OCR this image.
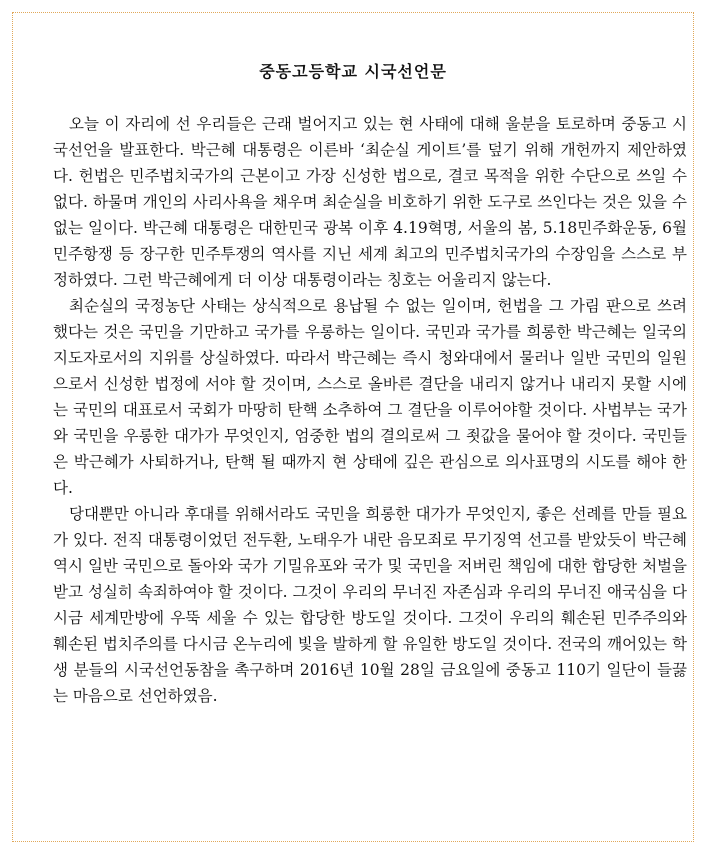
중동고등학교 시국선언문

오늘 이 자리에 선 우리들은 근래 벌어지고 있는 현 사태에 대해 울분을 토로하며 중동고 시국선언을 발표한다. 박근혜 대통령은 이른바 ‘최순실 게이트’를 덮기 위해 개헌까지 제안하였다. 헌법은 민주법치국가의 근본이고 가장 신성한 법으로, 결코 목적을 위한 수단으로 쓰일 수 없다. 하물며 개인의 사리사욕을 채우며 최순실을 비호하기 위한 도구로 쓰인다는 것은 있을 수 없는 일이다. 박근혜 대통령은 대한민국 광복 이후 4.19혁명, 서울의 봄, 5.18민주화운동, 6월 민주항쟁 등 장구한 민주투쟁의 역사를 지닌 세계 최고의 민주법치국가의 수장임을 스스로 부정하였다. 그런 박근혜에게 더 이상 대통령이라는 칭호는 어울리지 않는다.

최순실의 국정농단 사태는 상식적으로 용납될 수 없는 일이며, 헌법을 그 가림 판으로 쓰려 했다는 것은 국민을 기만하고 국가를 우롱하는 일이다. 국민과 국가를 희롱한 박근혜는 일국의 지도자로서의 지위를 상실하였다. 따라서 박근혜는 즉시 청와대에서 물러나 일반 국민의 일원으로서 신성한 법정에 서야 할 것이며, 스스로 올바른 결단을 내리지 않거나 내리지 못할 시에는 국민의 대표로서 국회가 마땅히 탄핵 소추하여 그 결단을 이루어야할 것이다. 사법부는 국가와 국민을 우롱한 대가가 무엇인지, 엄중한 법의 결의로써 그 죗값을 물어야 할 것이다. 국민들은 박근혜가 사퇴하거나, 탄핵 될 때까지 현 상태에 깊은 관심으로 의사표명의 시도를 해야 한다.

당대뿐만 아니라 후대를 위해서라도 국민을 희롱한 대가가 무엇인지, 좋은 선례를 만들 필요가 있다. 전직 대통령이었던 전두환, 노태우가 내란 음모죄로 무기징역 선고를 받았듯이 박근혜 역시 일반 국민으로 돌아와 국가 기밀유포와 국가 및 국민을 저버린 책임에 대한 합당한 처벌을 받고 성실히 속죄하여야 할 것이다. 그것이 우리의 무너진 자존심과 우리의 무너진 애국심을 다시금 세계만방에 우뚝 세울 수 있는 합당한 방도일 것이다. 그것이 우리의 훼손된 민주주의와 훼손된 법치주의를 다시금 온누리에 빛을 발하게 할 유일한 방도일 것이다. 전국의 깨어있는 학생 분들의 시국선언동참을 촉구하며 2016년 10월 28일 금요일에 중동고 110기 일단이 들끓는 마음으로 선언하였음.
